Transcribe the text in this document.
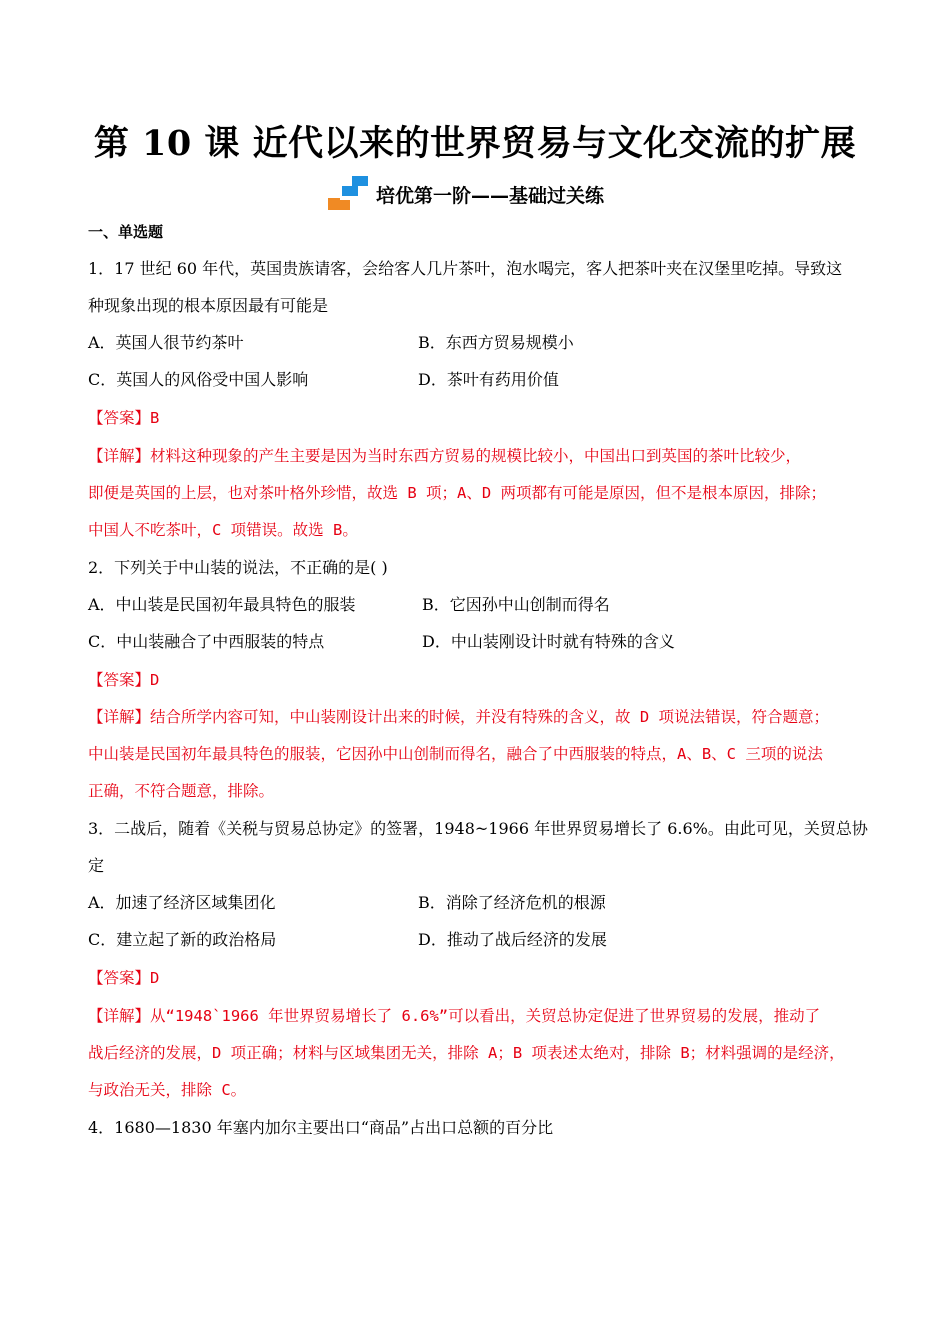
第 10 课 近代以来的世界贸易与文化交流的扩展
培优第一阶——基础过关练
一、单选题
1．17 世纪 60 年代，英国贵族请客，会给客人几片茶叶，泡水喝完，客人把茶叶夹在汉堡里吃掉。导致这
种现象出现的根本原因最有可能是
A．英国人很节约茶叶	B．东西方贸易规模小
C．英国人的风俗受中国人影响	D．茶叶有药用价值
【答案】B
【详解】材料这种现象的产生主要是因为当时东西方贸易的规模比较小，中国出口到英国的茶叶比较少，
即便是英国的上层，也对茶叶格外珍惜，故选 B 项；A、D 两项都有可能是原因，但不是根本原因，排除；
中国人不吃茶叶，C 项错误。故选 B。
2．下列关于中山装的说法，不正确的是( )
A．中山装是民国初年最具特色的服装	B．它因孙中山创制而得名
C．中山装融合了中西服装的特点	D．中山装刚设计时就有特殊的含义
【答案】D
【详解】结合所学内容可知，中山装刚设计出来的时候，并没有特殊的含义，故 D 项说法错误，符合题意；
中山装是民国初年最具特色的服装，它因孙中山创制而得名，融合了中西服装的特点，A、B、C 三项的说法
正确，不符合题意，排除。
3．二战后，随着《关税与贸易总协定》的签署，1948~1966 年世界贸易增长了 6.6%。由此可见，关贸总协
定
A．加速了经济区域集团化	B．消除了经济危机的根源
C．建立起了新的政治格局	D．推动了战后经济的发展
【答案】D
【详解】从“1948`1966 年世界贸易增长了 6.6%”可以看出，关贸总协定促进了世界贸易的发展，推动了
战后经济的发展，D 项正确；材料与区域集团无关，排除 A；B 项表述太绝对，排除 B；材料强调的是经济，
与政治无关，排除 C。
4．1680—1830 年塞内加尔主要出口“商品”占出口总额的百分比
